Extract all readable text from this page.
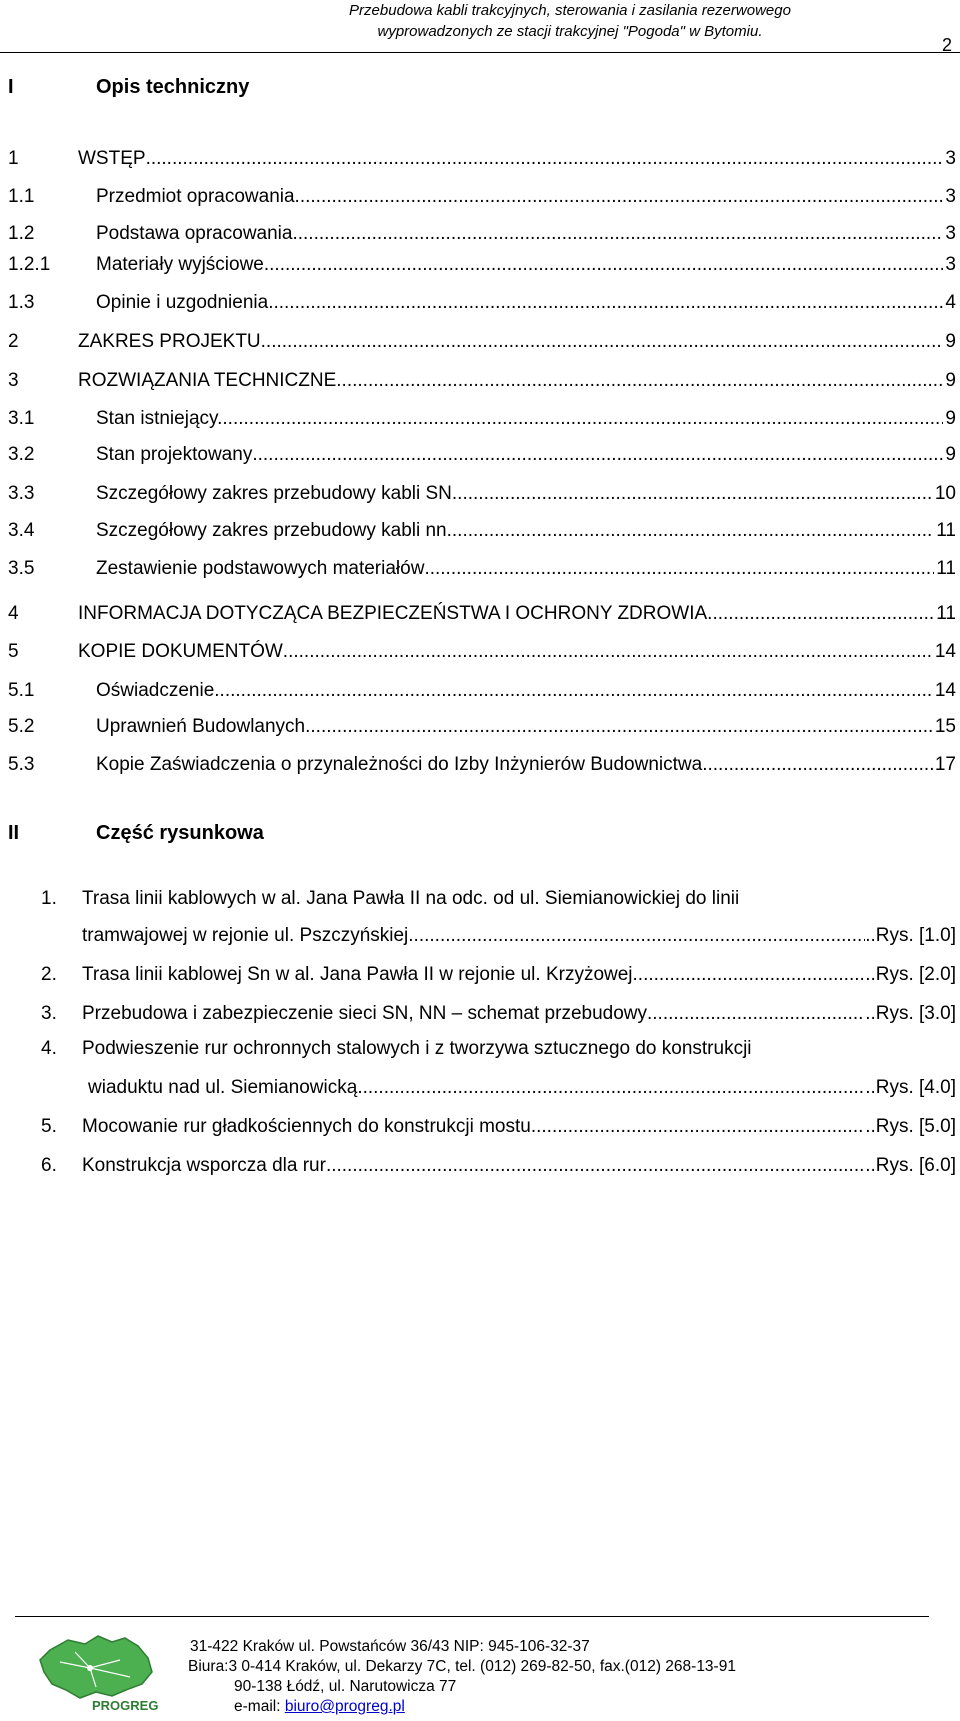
Przebudowa kabli trakcyjnych, sterowania i zasilania rezerwowego
wyprowadzonych ze stacji trakcyjnej "Pogoda" w Bytomiu.
2
I	Opis techniczny
1	WSTĘP .....	3
1.1	Przedmiot opracowania .....	3
1.2	Podstawa opracowania .....	3
1.2.1 Materiały wyjściowe .....	3
1.3	Opinie i uzgodnienia .....	4
2	ZAKRES PROJEKTU .....	9
3	ROZWIĄZANIA TECHNICZNE .....	9
3.1	Stan istniejący. .....	9
3.2	Stan projektowany .....	9
3.3	Szczegółowy zakres przebudowy kabli SN .....	10
3.4	Szczegółowy zakres przebudowy kabli nn .....	11
3.5	Zestawienie podstawowych materiałów .....	11
4	INFORMACJA DOTYCZĄCA BEZPIECZEŃSTWA I OCHRONY ZDROWIA .....	11
5	KOPIE DOKUMENTÓW .....	14
5.1	Oświadczenie .....	14
5.2	Uprawnień Budowlanych .....	15
5.3	Kopie Zaświadczenia o przynależności do Izby Inżynierów Budownictwa .....	17
II	Część rysunkowa
1. Trasa linii kablowych w al. Jana Pawła II na odc. od ul. Siemianowickiej do linii
tramwajowej w rejonie ul. Pszczyńskiej .....	..Rys. [1.0]
2. Trasa linii kablowej Sn w al. Jana Pawła II w rejonie ul. Krzyżowej .....	..Rys. [2.0]
3. Przebudowa i zabezpieczenie sieci SN, NN – schemat przebudowy .....	..Rys. [3.0]
4. Podwieszenie rur ochronnych stalowych i z tworzywa sztucznego do konstrukcji
wiaduktu nad ul. Siemianowicką .....	..Rys. [4.0]
5. Mocowanie rur gładkościennych do konstrukcji mostu .....	..Rys. [5.0]
6. Konstrukcja wsporcza dla rur .....	..Rys. [6.0]
PROGREG
31-422 Kraków ul. Powstańców 36/43 NIP: 945-106-32-37
Biura:3 0-414 Kraków, ul. Dekarzy 7C, tel. (012) 269-82-50, fax.(012) 268-13-91
90-138 Łódź, ul. Narutowicza 77
e-mail: biuro@progreg.pl
